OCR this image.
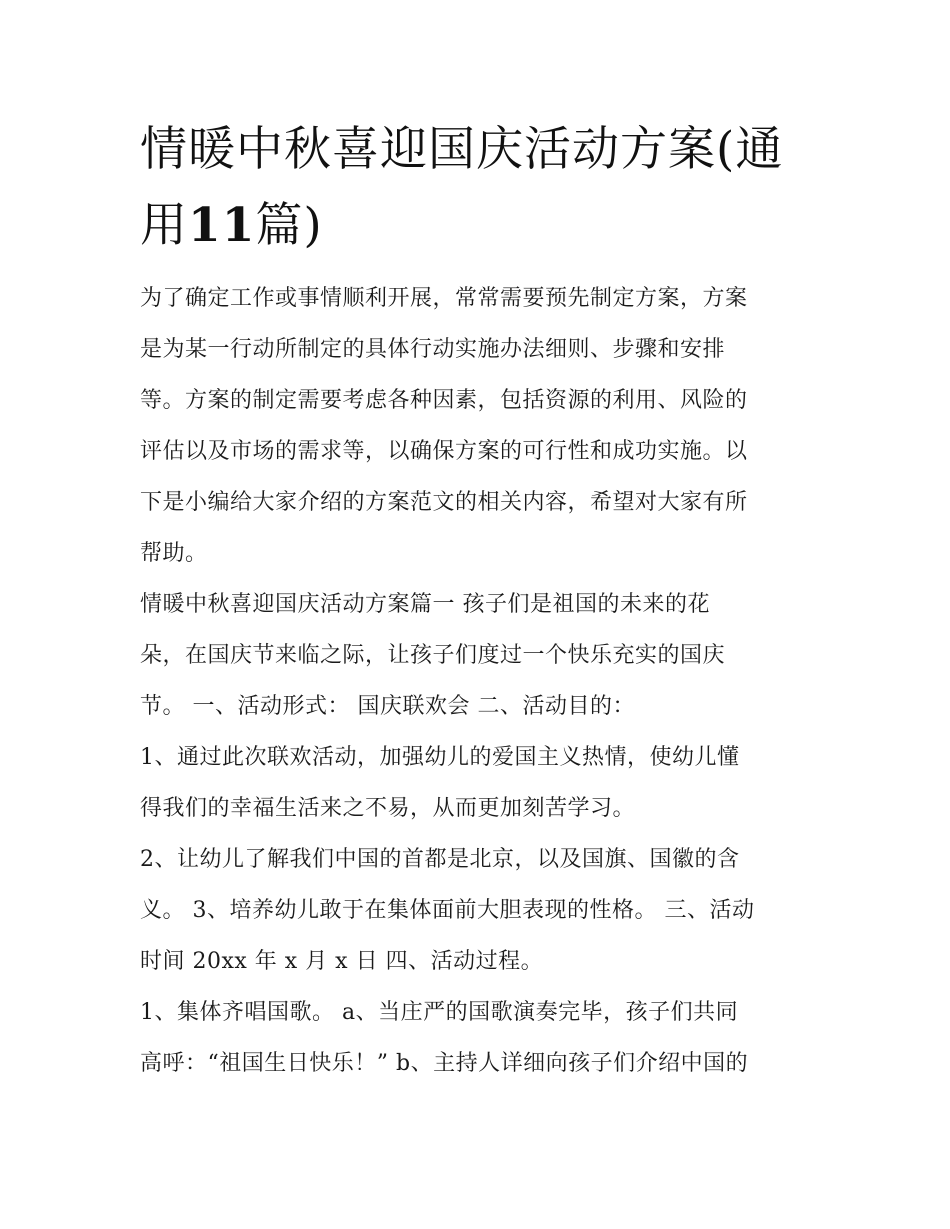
情暖中秋喜迎国庆活动方案(通
用11篇)
为了确定工作或事情顺利开展，常常需要预先制定方案，方案
是为某一行动所制定的具体行动实施办法细则、步骤和安排
等。方案的制定需要考虑各种因素，包括资源的利用、风险的
评估以及市场的需求等，以确保方案的可行性和成功实施。以
下是小编给大家介绍的方案范文的相关内容，希望对大家有所
帮助。
情暖中秋喜迎国庆活动方案篇一 孩子们是祖国的未来的花
朵，在国庆节来临之际，让孩子们度过一个快乐充实的国庆
节。 一、活动形式： 国庆联欢会 二、活动目的：
1、通过此次联欢活动，加强幼儿的爱国主义热情，使幼儿懂
得我们的幸福生活来之不易，从而更加刻苦学习。
2、让幼儿了解我们中国的首都是北京，以及国旗、国徽的含
义。 3、培养幼儿敢于在集体面前大胆表现的性格。 三、活动
时间 20xx 年 x 月 x 日 四、活动过程。
1、集体齐唱国歌。 a、当庄严的国歌演奏完毕，孩子们共同
高呼：“祖国生日快乐！” b、主持人详细向孩子们介绍中国的
